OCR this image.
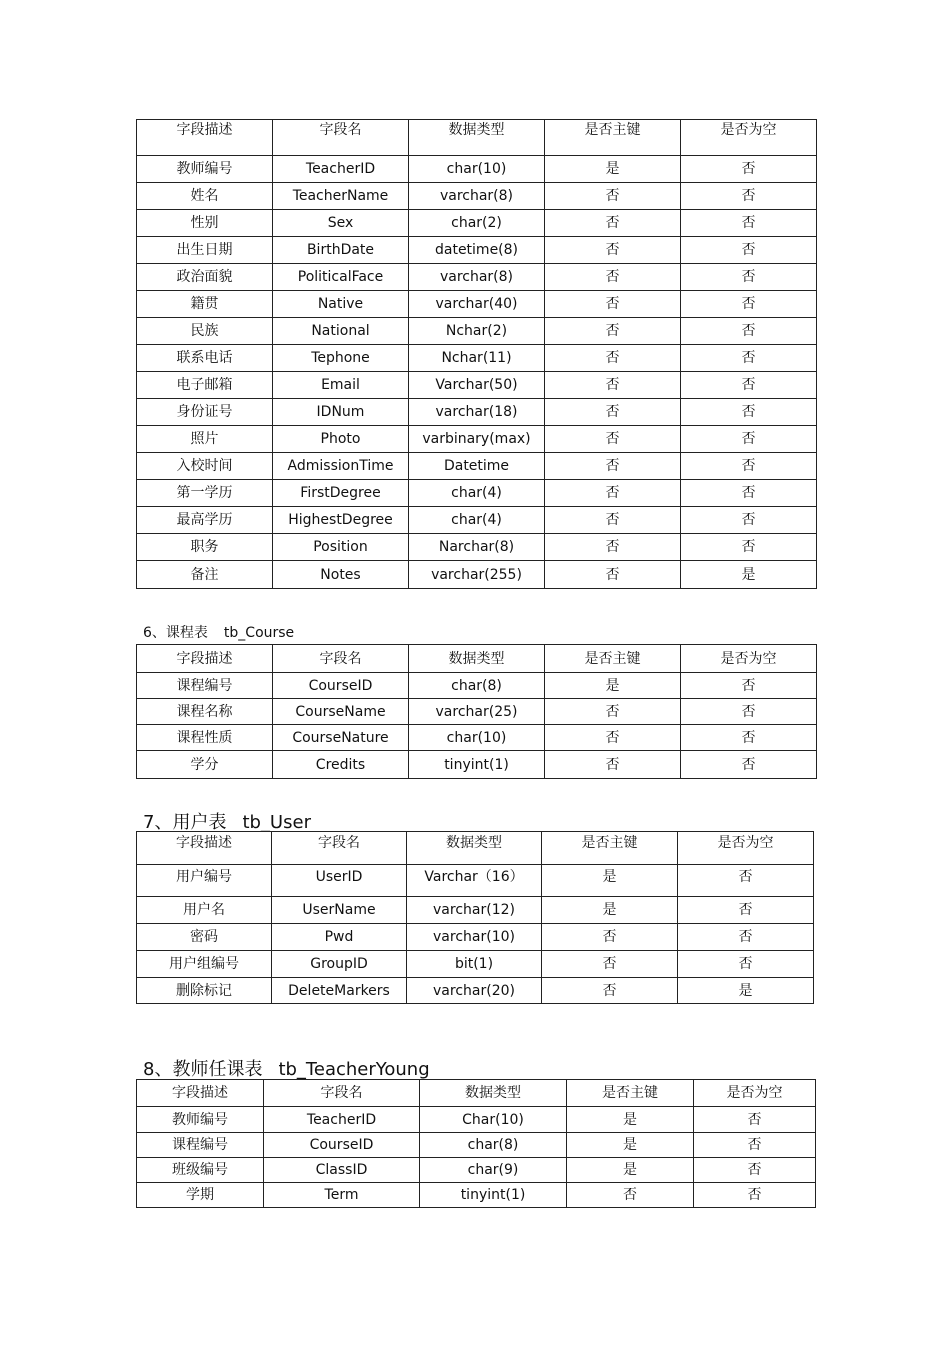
6、课程表 tb_Course
7、用户表 tb_User
8、教师任课表 tb_TeacherYoung
字段描述	字段名	数据类型	是否主键	是否为空
教师编号	TeacherID	char(10)	是	否
姓名	TeacherName	varchar(8)	否	否
性别	Sex	char(2)	否	否
出生日期	BirthDate	datetime(8)	否	否
政治面貌	PoliticalFace	varchar(8)	否	否
籍贯	Native	varchar(40)	否	否
民族	National	Nchar(2)	否	否
联系电话	Tephone	Nchar(11)	否	否
电子邮箱	Email	Varchar(50)	否	否
身份证号	IDNum	varchar(18)	否	否
照片	Photo	varbinary(max)	否	否
入校时间	AdmissionTime	Datetime	否	否
第一学历	FirstDegree	char(4)	否	否
最高学历	HighestDegree	char(4)	否	否
职务	Position	Narchar(8)	否	否
备注	Notes	varchar(255)	否	是
字段描述	字段名	数据类型	是否主键	是否为空
课程编号	CourseID	char(8)	是	否
课程名称	CourseName	varchar(25)	否	否
课程性质	CourseNature	char(10)	否	否
学分	Credits	tinyint(1)	否	否
字段描述	字段名	数据类型	是否主键	是否为空
用户编号	UserID	Varchar（16）	是	否
用户名	UserName	varchar(12)	是	否
密码	Pwd	varchar(10)	否	否
用户组编号	GroupID	bit(1)	否	否
删除标记	DeleteMarkers	varchar(20)	否	是
字段描述	字段名	数据类型	是否主键	是否为空
教师编号	TeacherID	Char(10)	是	否
课程编号	CourseID	char(8)	是	否
班级编号	ClassID	char(9)	是	否
学期	Term	tinyint(1)	否	否
